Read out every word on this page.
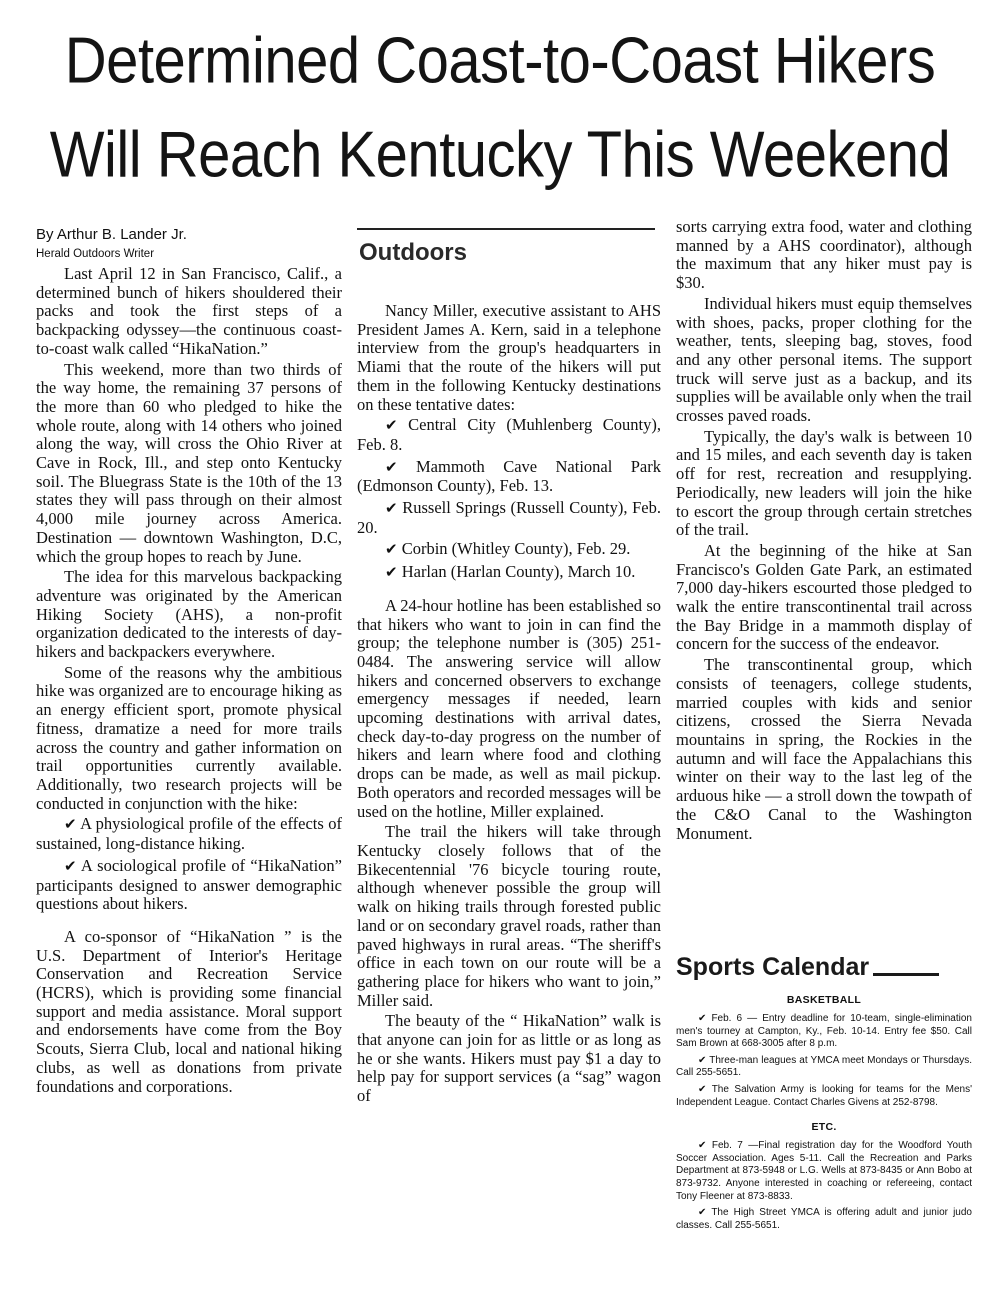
Determined Coast-to-Coast Hikers
Will Reach Kentucky This Weekend
By Arthur B. Lander Jr.
Herald Outdoors Writer

Last April 12 in San Francisco, Calif., a determined bunch of hikers shouldered their packs and took the first steps of a backpacking odyssey—the continuous coast-to-coast walk called “HikaNation.”

This weekend, more than two thirds of the way home, the remaining 37 persons of the more than 60 who pledged to hike the whole route, along with 14 others who joined along the way, will cross the Ohio River at Cave in Rock, Ill., and step onto Kentucky soil. The Bluegrass State is the 10th of the 13 states they will pass through on their almost 4,000 mile journey across America. Destination — downtown Washington, D.C, which the group hopes to reach by June.

The idea for this marvelous backpacking adventure was originated by the American Hiking Society (AHS), a non-profit organization dedicated to the interests of day-hikers and backpackers everywhere.

Some of the reasons why the ambitious hike was organized are to encourage hiking as an energy efficient sport, promote physical fitness, dramatize a need for more trails across the country and gather information on trail opportunities currently available. Additionally, two research projects will be conducted in conjunction with the hike:

✔ A physiological profile of the effects of sustained, long-distance hiking.

✔ A sociological profile of “HikaNation” participants designed to answer demographic questions about hikers.

A co-sponsor of “HikaNation ” is the U.S. Department of Interior's Heritage Conservation and Recreation Service (HCRS), which is providing some financial support and media assistance. Moral support and endorsements have come from the Boy Scouts, Sierra Club, local and national hiking clubs, as well as donations from private foundations and corporations.

Outdoors

Nancy Miller, executive assistant to AHS President James A. Kern, said in a telephone interview from the group's headquarters in Miami that the route of the hikers will put them in the following Kentucky destinations on these tentative dates:

✔ Central City (Muhlenberg County), Feb. 8.

✔ Mammoth Cave National Park (Edmonson County), Feb. 13.

✔ Russell Springs (Russell County), Feb. 20.

✔ Corbin (Whitley County), Feb. 29.

✔ Harlan (Harlan County), March 10.

A 24-hour hotline has been established so that hikers who want to join in can find the group; the telephone number is (305) 251-0484. The answering service will allow hikers and concerned observers to exchange emergency messages if needed, learn upcoming destinations with arrival dates, check day-to-day progress on the number of hikers and learn where food and clothing drops can be made, as well as mail pickup. Both operators and recorded messages will be used on the hotline, Miller explained.

The trail the hikers will take through Kentucky closely follows that of the Bikecentennial '76 bicycle touring route, although whenever possible the group will walk on hiking trails through forested public land or on secondary gravel roads, rather than paved highways in rural areas. “The sheriff's office in each town on our route will be a gathering place for hikers who want to join,” Miller said.

The beauty of the “ HikaNation” walk is that anyone can join for as little or as long as he or she wants. Hikers must pay $1 a day to help pay for support services (a “sag” wagon of

sorts carrying extra food, water and clothing manned by a AHS coordinator), although the maximum that any hiker must pay is $30.

Individual hikers must equip themselves with shoes, packs, proper clothing for the weather, tents, sleeping bag, stoves, food and any other personal items. The support truck will serve just as a backup, and its supplies will be available only when the trail crosses paved roads.

Typically, the day's walk is between 10 and 15 miles, and each seventh day is taken off for rest, recreation and resupplying. Periodically, new leaders will join the hike to escort the group through certain stretches of the trail.

At the beginning of the hike at San Francisco's Golden Gate Park, an estimated 7,000 day-hikers escourted those pledged to walk the entire transcontinental trail across the Bay Bridge in a mammoth display of concern for the success of the endeavor.

The transcontinental group, which consists of teenagers, college students, married couples with kids and senior citizens, crossed the Sierra Nevada mountains in spring, the Rockies in the autumn and will face the Appalachians this winter on their way to the last leg of the arduous hike — a stroll down the towpath of the C&O Canal to the Washington Monument.

Sports Calendar
BASKETBALL

✔ Feb. 6 — Entry deadline for 10-team, single-elimination men's tourney at Campton, Ky., Feb. 10-14. Entry fee $50. Call Sam Brown at 668-3005 after 8 p.m.

✔ Three-man leagues at YMCA meet Mondays or Thursdays. Call 255-5651.

✔ The Salvation Army is looking for teams for the Mens' Independent League. Contact Charles Givens at 252-8798.

ETC.

✔ Feb. 7 —Final registration day for the Woodford Youth Soccer Association. Ages 5-11. Call the Recreation and Parks Department at 873-5948 or L.G. Wells at 873-8435 or Ann Bobo at 873-9732. Anyone interested in coaching or refereeing, contact Tony Fleener at 873-8833.

✔ The High Street YMCA is offering adult and junior judo classes. Call 255-5651.
